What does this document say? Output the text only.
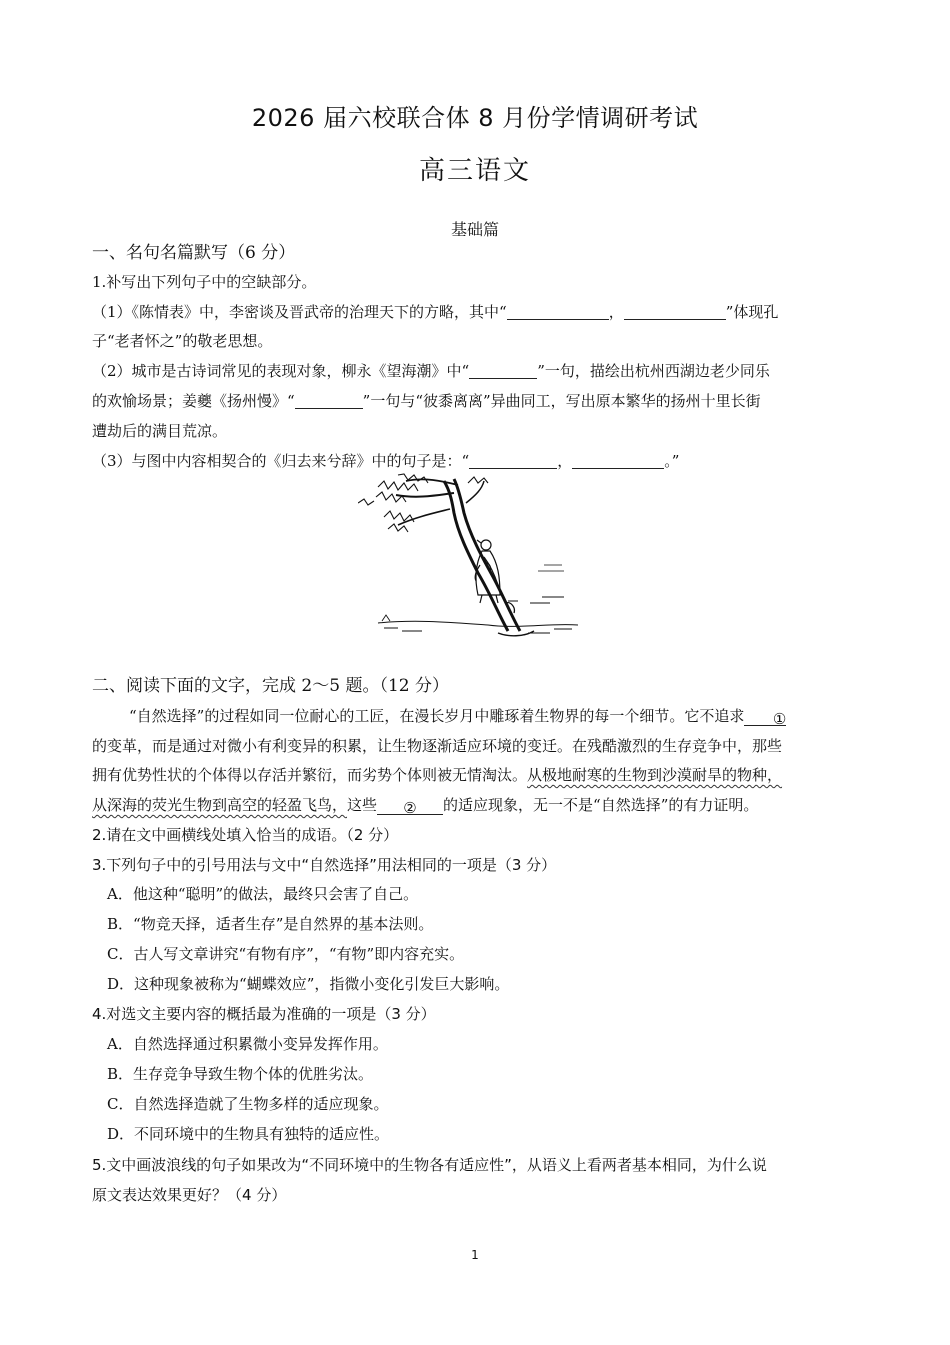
2026 届六校联合体 8 月份学情调研考试
高三语文
基础篇
一、名句名篇默写（6 分）
1.补写出下列句子中的空缺部分。
（1）《陈情表》中，李密谈及晋武帝的治理天下的方略，其中“	，	”体现孔
子“老者怀之”的敬老思想。
（2）城市是古诗词常见的表现对象，柳永《望海潮》中“	”一句，描绘出杭州西湖边老少同乐
的欢愉场景；姜夔《扬州慢》“	”一句与“彼黍离离”异曲同工，写出原本繁华的扬州十里长街
遭劫后的满目荒凉。
（3）与图中内容相契合的《归去来兮辞》中的句子是：“	，	。”
二、阅读下面的文字，完成 2～5 题。（12 分）
“自然选择”的过程如同一位耐心的工匠，在漫长岁月中雕琢着生物界的每一个细节。它不追求 ①
的变革，而是通过对微小有利变异的积累，让生物逐渐适应环境的变迁。在残酷激烈的生存竞争中，那些
拥有优势性状的个体得以存活并繁衍，而劣势个体则被无情淘汰。从极地耐寒的生物到沙漠耐旱的物种，
从深海的荧光生物到高空的轻盈飞鸟，这些 ② 的适应现象，无一不是“自然选择”的有力证明。
2.请在文中画横线处填入恰当的成语。（2 分）
3.下列句子中的引号用法与文中“自然选择”用法相同的一项是（3 分）
A．他这种“聪明”的做法，最终只会害了自己。
B．“物竞天择，适者生存”是自然界的基本法则。
C．古人写文章讲究“有物有序”，“有物”即内容充实。
D．这种现象被称为“蝴蝶效应”，指微小变化引发巨大影响。
4.对选文主要内容的概括最为准确的一项是（3 分）
A．自然选择通过积累微小变异发挥作用。
B．生存竞争导致生物个体的优胜劣汰。
C．自然选择造就了生物多样的适应现象。
D．不同环境中的生物具有独特的适应性。
5.文中画波浪线的句子如果改为“不同环境中的生物各有适应性”，从语义上看两者基本相同，为什么说
原文表达效果更好？（4 分）
1
